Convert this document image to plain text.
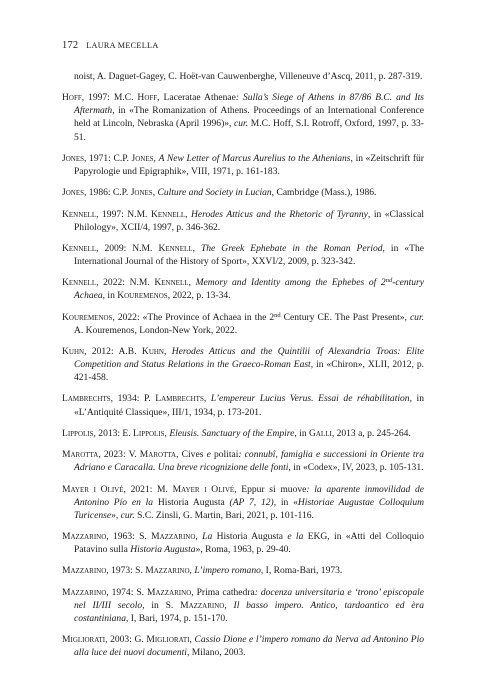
172 LAURA MECELLA

noist, A. Daguet-Gagey, C. Hoët-van Cauwenberghe, Villeneuve d’Ascq, 2011, p. 287-319.

Hoff, 1997: M.C. Hoff, Laceratae Athenae: Sulla’s Siege of Athens in 87/86 B.C. and Its Aftermath, in «The Romanization of Athens. Proceedings of an International Conference held at Lincoln, Nebraska (April 1996)», cur. M.C. Hoff, S.I. Rotroff, Oxford, 1997, p. 33-51.

Jones, 1971: C.P. Jones, A New Letter of Marcus Aurelius to the Athenians, in «Zeitschrift für Papyrologie und Epigraphik», VIII, 1971, p. 161-183.

Jones, 1986: C.P. Jones, Culture and Society in Lucian, Cambridge (Mass.), 1986.

Kennell, 1997: N.M. Kennell, Herodes Atticus and the Rhetoric of Tyranny, in «Classical Philology», XCII/4, 1997, p. 346-362.

Kennell, 2009: N.M. Kennell, The Greek Ephebate in the Roman Period, in «The International Journal of the History of Sport», XXVI/2, 2009, p. 323-342.

Kennell, 2022: N.M. Kennell, Memory and Identity among the Ephebes of 2nd-century Achaea, in Kouremenos, 2022, p. 13-34.

Kouremenos, 2022: «The Province of Achaea in the 2nd Century CE. The Past Present», cur. A. Kouremenos, London-New York, 2022.

Kuhn, 2012: A.B. Kuhn, Herodes Atticus and the Quintilii of Alexandria Troas: Elite Competition and Status Relations in the Graeco-Roman East, in «Chiron», XLII, 2012, p. 421-458.

Lambrechts, 1934: P. Lambrechts, L’empereur Lucius Verus. Essai de réhabilitation, in «L’Antiquité Classique», III/1, 1934, p. 173-201.

Lippolis, 2013: E. Lippolis, Eleusis. Sanctuary of the Empire, in Galli, 2013 a, p. 245-264.

Marotta, 2023: V. Marotta, Cives e politai: connubî, famiglia e successioni in Oriente tra Adriano e Caracalla. Una breve ricognizione delle fonti, in «Codex», IV, 2023, p. 105-131.

Mayer i Olivé, 2021: M. Mayer i Olivé, Eppur si muove: la aparente inmovilidad de Antonino Pío en la Historia Augusta (AP 7, 12), in «Historiae Augustae Colloquium Turicense», cur. S.C. Zinsli, G. Martin, Bari, 2021, p. 101-116.

Mazzarino, 1963: S. Mazzarino, La Historia Augusta e la EKG, in «Atti del Colloquio Patavino sulla Historia Augusta», Roma, 1963, p. 29-40.

Mazzarino, 1973: S. Mazzarino, L’impero romano, I, Roma-Bari, 1973.

Mazzarino, 1974: S. Mazzarino, Prima cathedra: docenza universitaria e ‘trono’ episcopale nel II/III secolo, in S. Mazzarino, Il basso impero. Antico, tardoantico ed èra costantiniana, I, Bari, 1974, p. 151-170.

Migliorati, 2003: G. Migliorati, Cassio Dione e l’impero romano da Nerva ad Antonino Pio alla luce dei nuovi documenti, Milano, 2003.
